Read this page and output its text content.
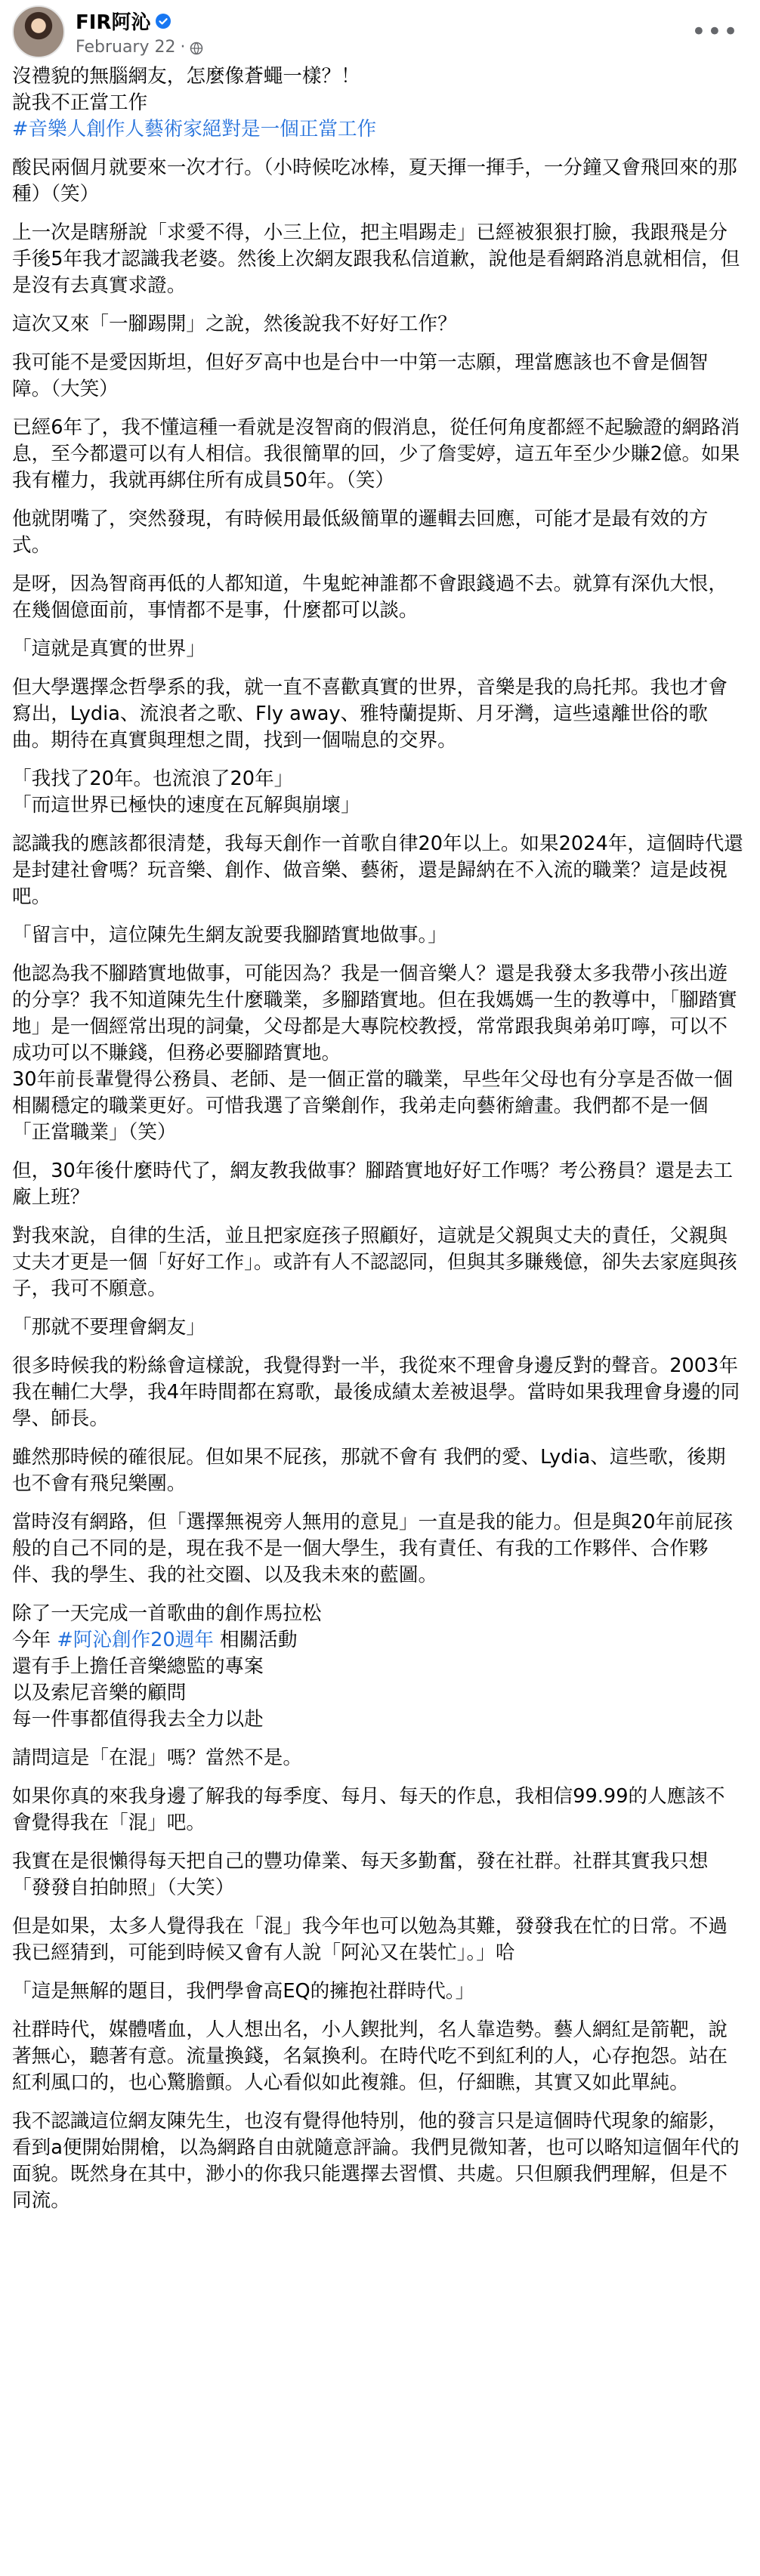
FIR阿沁
February 22 ·
•••

沒禮貌的無腦網友，怎麼像蒼蠅一樣？！
說我不正當工作
#音樂人創作人藝術家絕對是一個正當工作

酸民兩個月就要來一次才行。（小時候吃冰棒，夏天揮一揮手，一分鐘又會飛回來的那種）（笑）

上一次是瞎掰說「求愛不得，小三上位，把主唱踢走」已經被狠狠打臉，我跟飛是分手後5年我才認識我老婆。然後上次網友跟我私信道歉，說他是看網路消息就相信，但是沒有去真實求證。

這次又來「一腳踢開」之說，然後說我不好好工作？

我可能不是愛因斯坦，但好歹高中也是台中一中第一志願，理當應該也不會是個智障。（大笑）

已經6年了，我不懂這種一看就是沒智商的假消息，從任何角度都經不起驗證的網路消息，至今都還可以有人相信。我很簡單的回，少了詹雯婷，這五年至少少賺2億。如果我有權力，我就再綁住所有成員50年。（笑）

他就閉嘴了，突然發現，有時候用最低級簡單的邏輯去回應，可能才是最有效的方式。

是呀，因為智商再低的人都知道，牛鬼蛇神誰都不會跟錢過不去。就算有深仇大恨，在幾個億面前，事情都不是事，什麼都可以談。

「這就是真實的世界」

但大學選擇念哲學系的我，就一直不喜歡真實的世界，音樂是我的烏托邦。我也才會寫出，Lydia、流浪者之歌、Fly away、雅特蘭提斯、月牙灣，這些遠離世俗的歌曲。期待在真實與理想之間，找到一個喘息的交界。

「我找了20年。也流浪了20年」
「而這世界已極快的速度在瓦解與崩壞」

認識我的應該都很清楚，我每天創作一首歌自律20年以上。如果2024年，這個時代還是封建社會嗎？玩音樂、創作、做音樂、藝術，還是歸納在不入流的職業？這是歧視吧。

「留言中，這位陳先生網友說要我腳踏實地做事。」

他認為我不腳踏實地做事，可能因為？我是一個音樂人？還是我發太多我帶小孩出遊的分享？我不知道陳先生什麼職業，多腳踏實地。但在我媽媽一生的教導中，「腳踏實地」是一個經常出現的詞彙，父母都是大專院校教授，常常跟我與弟弟叮嚀，可以不成功可以不賺錢，但務必要腳踏實地。

30年前長輩覺得公務員、老師、是一個正當的職業，早些年父母也有分享是否做一個相關穩定的職業更好。可惜我選了音樂創作，我弟走向藝術繪畫。我們都不是一個「正當職業」（笑）

但，30年後什麼時代了，網友教我做事？腳踏實地好好工作嗎？考公務員？還是去工廠上班？

對我來說，自律的生活，並且把家庭孩子照顧好，這就是父親與丈夫的責任，父親與丈夫才更是一個「好好工作」。或許有人不認認同，但與其多賺幾億，卻失去家庭與孩子，我可不願意。

「那就不要理會網友」

很多時候我的粉絲會這樣說，我覺得對一半，我從來不理會身邊反對的聲音。2003年我在輔仁大學，我4年時間都在寫歌，最後成績太差被退學。當時如果我理會身邊的同學、師長。

雖然那時候的確很屁。但如果不屁孩，那就不會有 我們的愛、Lydia、這些歌，後期也不會有飛兒樂團。

當時沒有網路，但「選擇無視旁人無用的意見」一直是我的能力。但是與20年前屁孩般的自己不同的是，現在我不是一個大學生，我有責任、有我的工作夥伴、合作夥伴、我的學生、我的社交圈、以及我未來的藍圖。

除了一天完成一首歌曲的創作馬拉松
今年 #阿沁創作20週年 相關活動
還有手上擔任音樂總監的專案
以及索尼音樂的顧問
每一件事都值得我去全力以赴

請問這是「在混」嗎？當然不是。

如果你真的來我身邊了解我的每季度、每月、每天的作息，我相信99.99的人應該不會覺得我在「混」吧。

我實在是很懶得每天把自己的豐功偉業、每天多勤奮，發在社群。社群其實我只想「發發自拍帥照」（大笑）

但是如果，太多人覺得我在「混」我今年也可以勉為其難，發發我在忙的日常。不過我已經猜到，可能到時候又會有人說「阿沁又在裝忙」。」哈

「這是無解的題目，我們學會高EQ的擁抱社群時代。」

社群時代，媒體嗜血，人人想出名，小人鍥批判，名人靠造勢。藝人網紅是箭靶，說著無心，聽著有意。流量換錢，名氣換利。在時代吃不到紅利的人，心存抱怨。站在紅利風口的，也心驚膽顫。人心看似如此複雜。但，仔細瞧，其實又如此單純。

我不認識這位網友陳先生，也沒有覺得他特別，他的發言只是這個時代現象的縮影，看到a便開始開槍，以為網路自由就隨意評論。我們見微知著，也可以略知這個年代的面貌。既然身在其中，渺小的你我只能選擇去習慣、共處。只但願我們理解，但是不同流。
